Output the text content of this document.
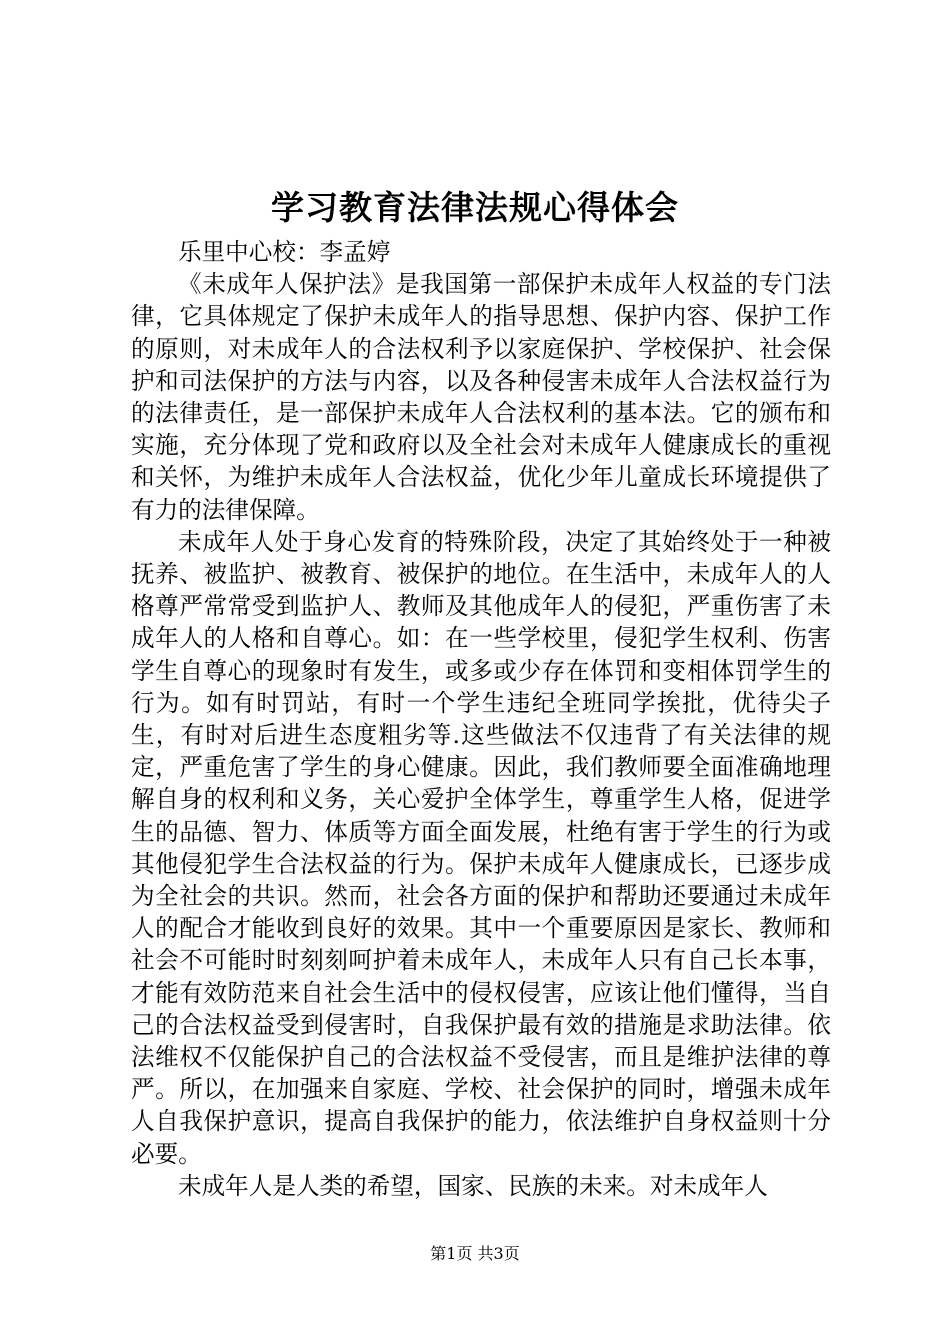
学习教育法律法规心得体会

乐里中心校：李孟婷

《未成年人保护法》是我国第一部保护未成年人权益的专门法律，它具体规定了保护未成年人的指导思想、保护内容、保护工作的原则，对未成年人的合法权利予以家庭保护、学校保护、社会保护和司法保护的方法与内容，以及各种侵害未成年人合法权益行为的法律责任，是一部保护未成年人合法权利的基本法。它的颁布和实施，充分体现了党和政府以及全社会对未成年人健康成长的重视和关怀，为维护未成年人合法权益，优化少年儿童成长环境提供了有力的法律保障。

未成年人处于身心发育的特殊阶段，决定了其始终处于一种被抚养、被监护、被教育、被保护的地位。在生活中，未成年人的人格尊严常常受到监护人、教师及其他成年人的侵犯，严重伤害了未成年人的人格和自尊心。如：在一些学校里，侵犯学生权利、伤害学生自尊心的现象时有发生，或多或少存在体罚和变相体罚学生的行为。如有时罚站，有时一个学生违纪全班同学挨批，优待尖子生，有时对后进生态度粗劣等.这些做法不仅违背了有关法律的规定，严重危害了学生的身心健康。因此，我们教师要全面准确地理解自身的权利和义务，关心爱护全体学生，尊重学生人格，促进学生的品德、智力、体质等方面全面发展，杜绝有害于学生的行为或其他侵犯学生合法权益的行为。保护未成年人健康成长，已逐步成为全社会的共识。然而，社会各方面的保护和帮助还要通过未成年人的配合才能收到良好的效果。其中一个重要原因是家长、教师和社会不可能时时刻刻呵护着未成年人，未成年人只有自己长本事，才能有效防范来自社会生活中的侵权侵害，应该让他们懂得，当自己的合法权益受到侵害时，自我保护最有效的措施是求助法律。依法维权不仅能保护自己的合法权益不受侵害，而且是维护法律的尊严。所以，在加强来自家庭、学校、社会保护的同时，增强未成年人自我保护意识，提高自我保护的能力，依法维护自身权益则十分必要。

未成年人是人类的希望，国家、民族的未来。对未成年人

第1页 共3页
